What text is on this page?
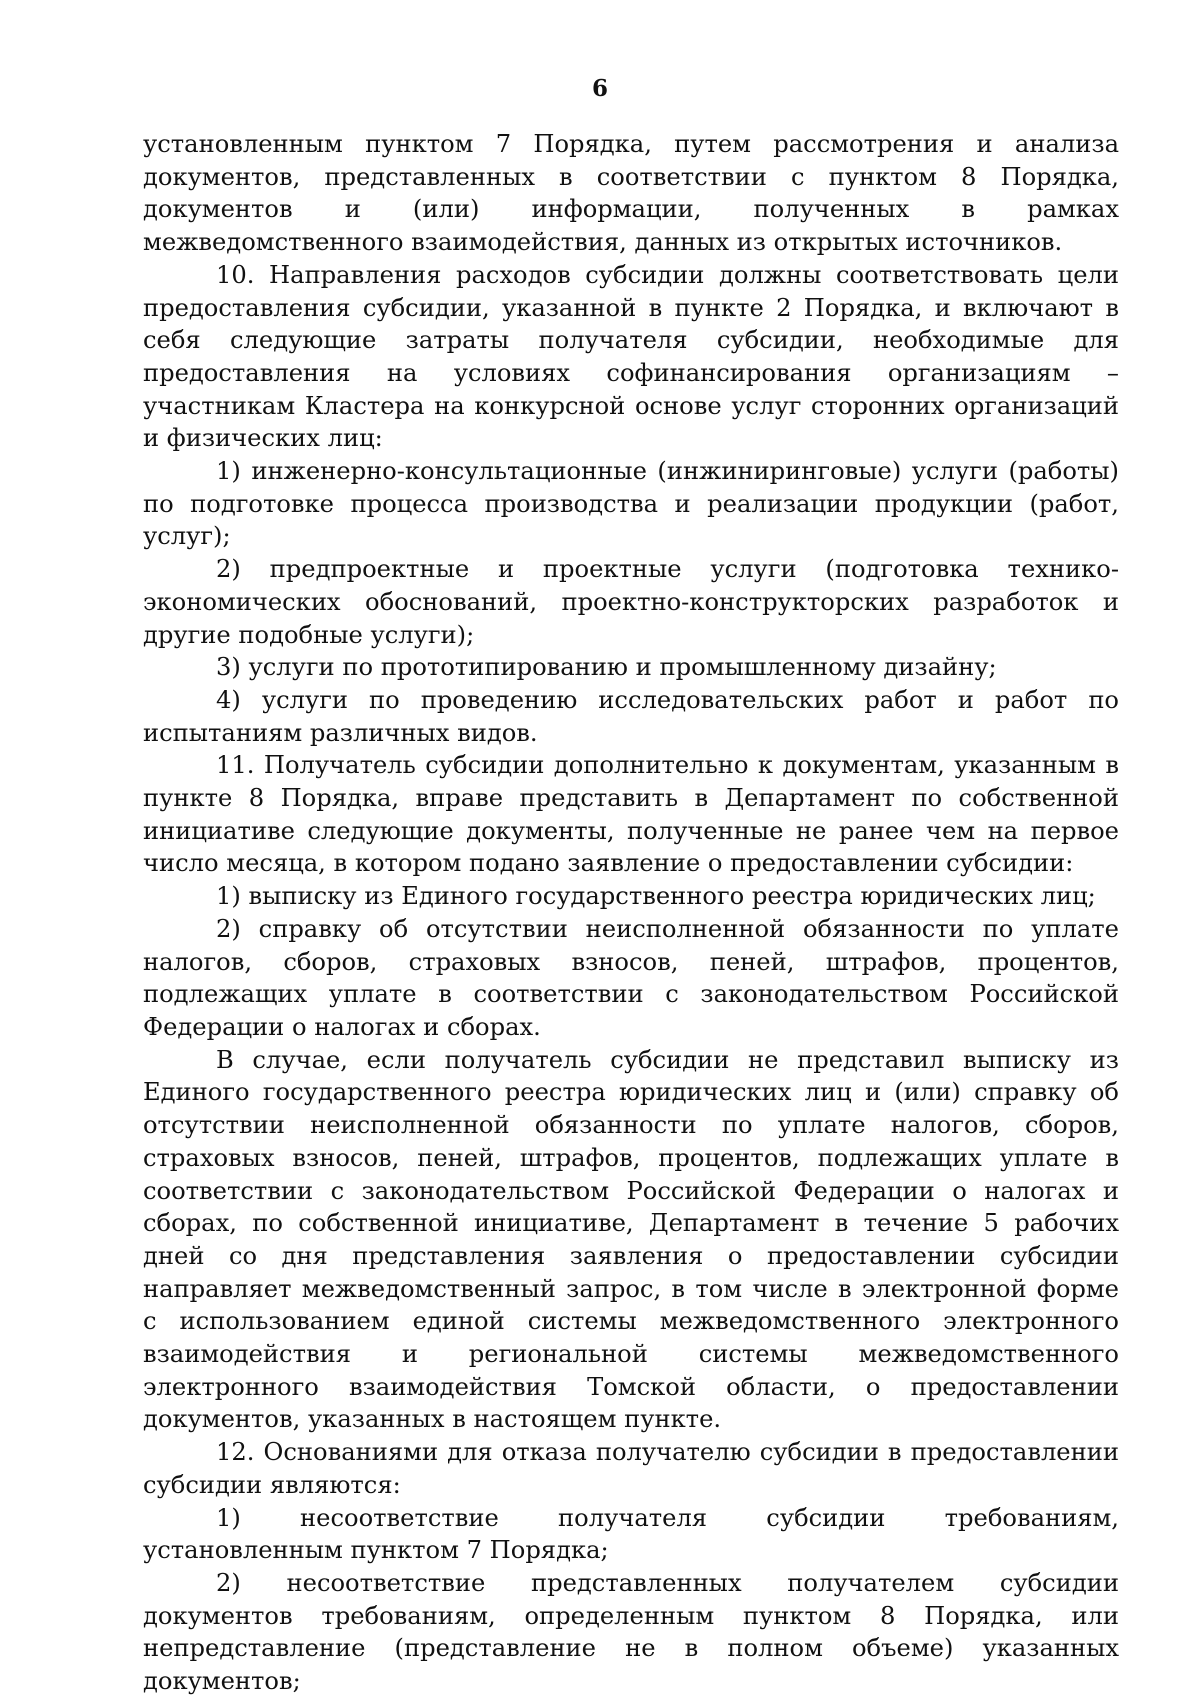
6

установленным пунктом 7 Порядка, путем рассмотрения и анализа документов, представленных в соответствии с пунктом 8 Порядка, документов и (или) информации, полученных в рамках межведомственного взаимодействия, данных из открытых источников.

10. Направления расходов субсидии должны соответствовать цели предоставления субсидии, указанной в пункте 2 Порядка, и включают в себя следующие затраты получателя субсидии, необходимые для предоставления на условиях софинансирования организациям – участникам Кластера на конкурсной основе услуг сторонних организаций и физических лиц:

1) инженерно-консультационные (инжиниринговые) услуги (работы) по подготовке процесса производства и реализации продукции (работ, услуг);

2) предпроектные и проектные услуги (подготовка технико-экономических обоснований, проектно-конструкторских разработок и другие подобные услуги);

3) услуги по прототипированию и промышленному дизайну;

4) услуги по проведению исследовательских работ и работ по испытаниям различных видов.

11. Получатель субсидии дополнительно к документам, указанным в пункте 8 Порядка, вправе представить в Департамент по собственной инициативе следующие документы, полученные не ранее чем на первое число месяца, в котором подано заявление о предоставлении субсидии:

1) выписку из Единого государственного реестра юридических лиц;

2) справку об отсутствии неисполненной обязанности по уплате налогов, сборов, страховых взносов, пеней, штрафов, процентов, подлежащих уплате в соответствии с законодательством Российской Федерации о налогах и сборах.

В случае, если получатель субсидии не представил выписку из Единого государственного реестра юридических лиц и (или) справку об отсутствии неисполненной обязанности по уплате налогов, сборов, страховых взносов, пеней, штрафов, процентов, подлежащих уплате в соответствии с законодательством Российской Федерации о налогах и сборах, по собственной инициативе, Департамент в течение 5 рабочих дней со дня представления заявления о предоставлении субсидии направляет межведомственный запрос, в том числе в электронной форме с использованием единой системы межведомственного электронного взаимодействия и региональной системы межведомственного электронного взаимодействия Томской области, о предоставлении документов, указанных в настоящем пункте.

12. Основаниями для отказа получателю субсидии в предоставлении субсидии являются:

1) несоответствие получателя субсидии требованиям, установленным пунктом 7 Порядка;

2) несоответствие представленных получателем субсидии документов требованиям, определенным пунктом 8 Порядка, или непредставление (представление не в полном объеме) указанных документов;
